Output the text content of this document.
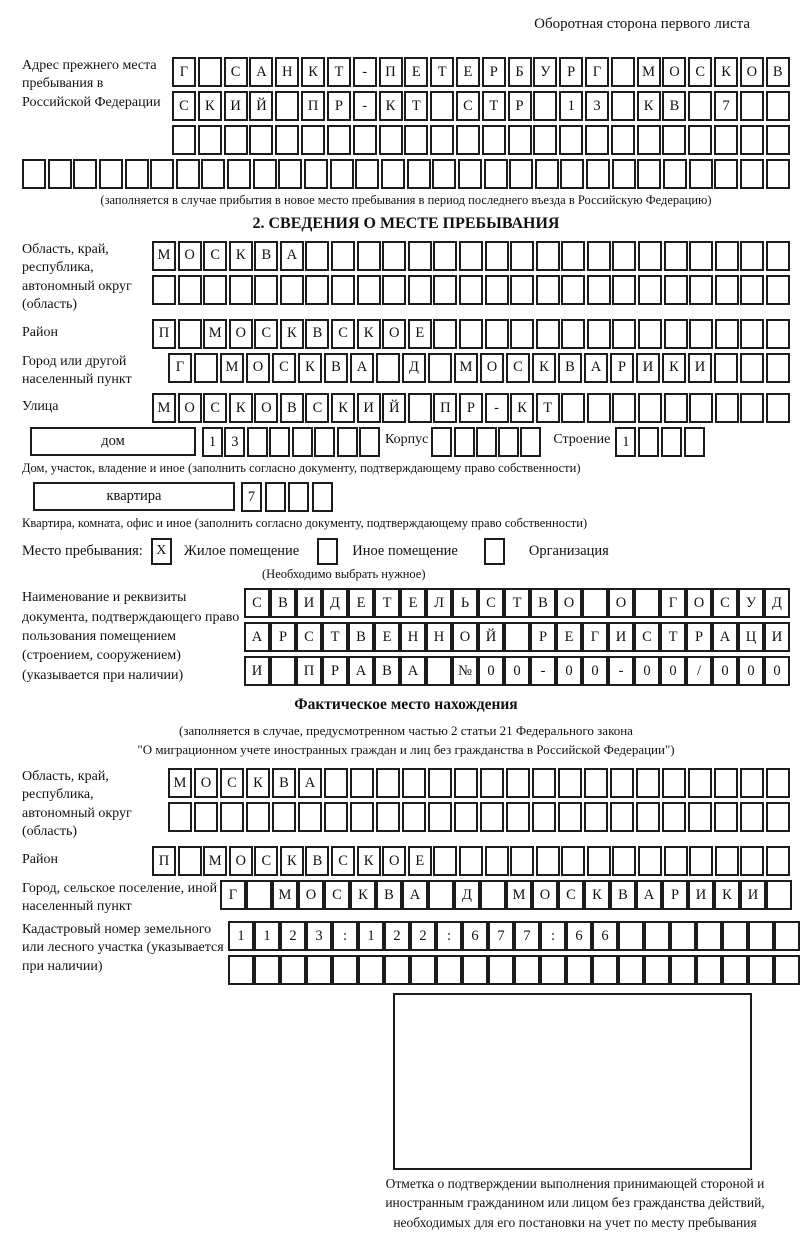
Оборотная сторона первого листа
Адрес прежнего места пребывания в Российской Федерации
Г	С	А	Н	К	Т	-	П	Е	Т	Е	Р	Б	У	Р	Г	М О	С	К	О	В
С	К	И	Й	П	Р	-	К	Т	С	Т	Р	1	3	К	В	7
(заполняется в случае прибытия в новое место пребывания в период последнего въезда в Российскую Федерацию)
2. СВЕДЕНИЯ О МЕСТЕ ПРЕБЫВАНИЯ
Область, край, республика, автономный округ (область)
М О	С	К	В	А
Район	П	М О	С	К	В	С	К	О	Е
Город или другой населенный пункт
Г	М О	С	К	В	А	Д	М О	С	К	В	А	Р	И	К	И
Улица	М О	С	К	О	В	С	К	И	Й	П	Р	-	К	Т
дом	1	3	Корпус	Строение 1
Дом, участок, владение и иное (заполнить согласно документу, подтверждающему право собственности)
квартира	7
Квартира, комната, офис и иное (заполнить согласно документу, подтверждающему право собственности)
Место пребывания: X	Жилое помещение	Иное помещение	Организация
(Необходимо выбрать нужное)
Наименование и реквизиты документа, подтверждающего право пользования помещением (строением, сооружением) (указывается при наличии)
С	В	И	Д	Е	Т	Е	Л	Ь	С	Т	В	О	О	Г	О	С	У	Д
А	Р	С	Т	В	Е	Н	Н	О	Й	Р	Е	Г	И	С	Т	Р	А	Ц	И
И	П	Р	А	В	А	№	0	0	-	0	0	-	0	0	/	0	0	0
Фактическое место нахождения
(заполняется в случае, предусмотренном частью 2 статьи 21 Федерального закона
"О миграционном учете иностранных граждан и лиц без гражданства в Российской Федерации")
Область, край, республика, автономный округ (область)
М О	С	К	В	А
Район	П	М О	С	К	В	С	К	О	Е
Город, сельское поселение, иной населенный пункт
Г	М О	С	К	В	А	Д	М О	С	К	В	А	Р	И	К	И
Кадастровый номер земельного или лесного участка (указывается при наличии)
1	1	2	3	:	1	2	2	:	6	7	7	:	6	6
Отметка о подтверждении выполнения принимающей стороной и иностранным гражданином или лицом без гражданства действий, необходимых для его постановки на учет по месту пребывания
